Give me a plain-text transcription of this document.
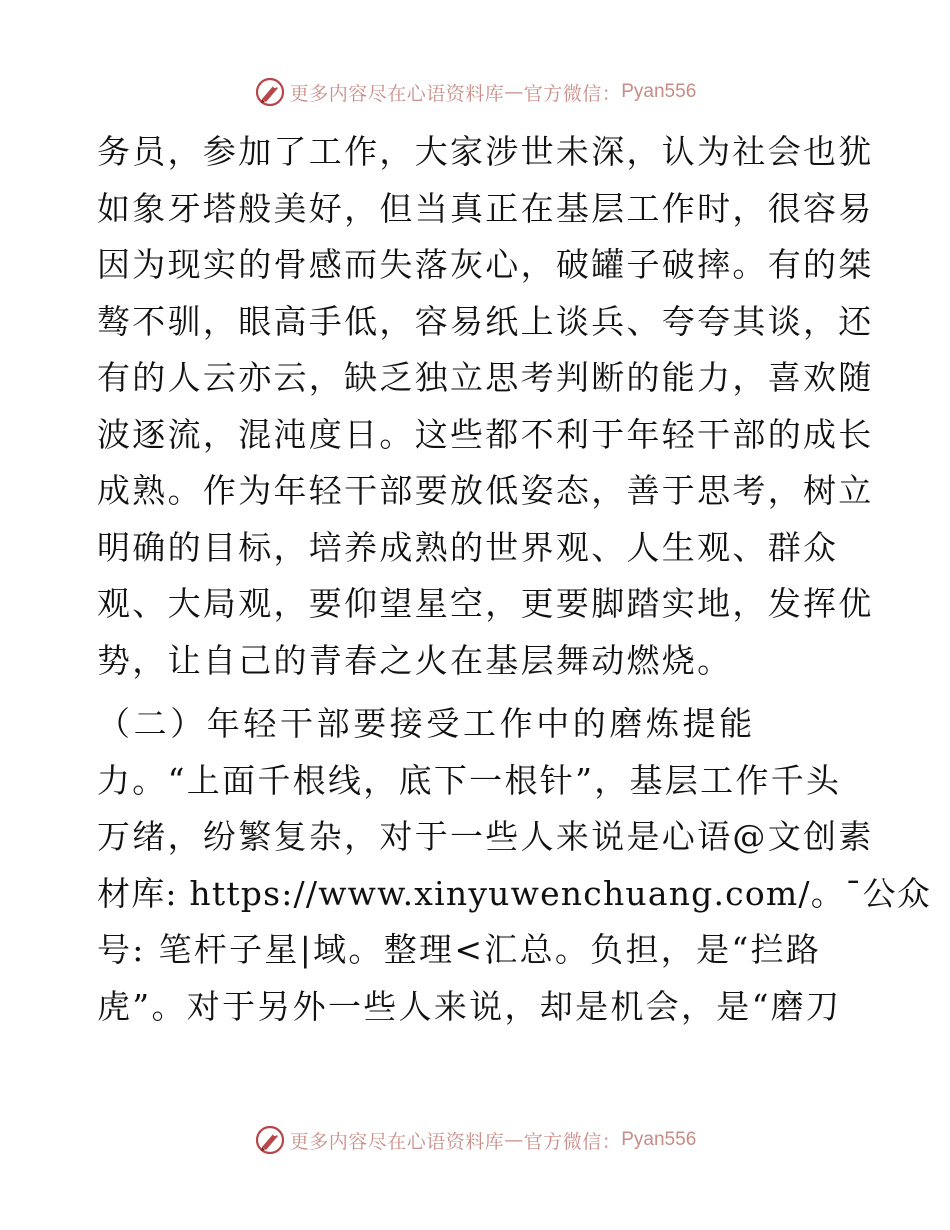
更多内容尽在心语资料库 — 官方微信： Pyan556
务员，参加了工作，大家涉世未深，认为社会也犹
如象牙塔般美好，但当真正在基层工作时，很容易
因为现实的骨感而失落灰心，破罐子破摔。有的桀
骜不驯，眼高手低，容易纸上谈兵、夸夸其谈，还
有的人云亦云，缺乏独立思考判断的能力，喜欢随
波逐流，混沌度日。这些都不利于年轻干部的成长
成熟。作为年轻干部要放低姿态，善于思考，树立
明确的目标，培养成熟的世界观、人生观、群众
观、大局观，要仰望星空，更要脚踏实地，发挥优
势，让自己的青春之火在基层舞动燃烧。
（二）年轻干部要接受工作中的磨炼提能
力。“上面千根线，底下一根针”，基层工作千头
万绪，纷繁复杂，对于一些人来说是心语@文创素
材库: https://www.xinyuwenchuang.com/。¯公众
号: 笔杆子星|域。整理<汇总。负担，是“拦路
虎”。对于另外一些人来说，却是机会，是“磨刀
更多内容尽在心语资料库 — 官方微信： Pyan556
